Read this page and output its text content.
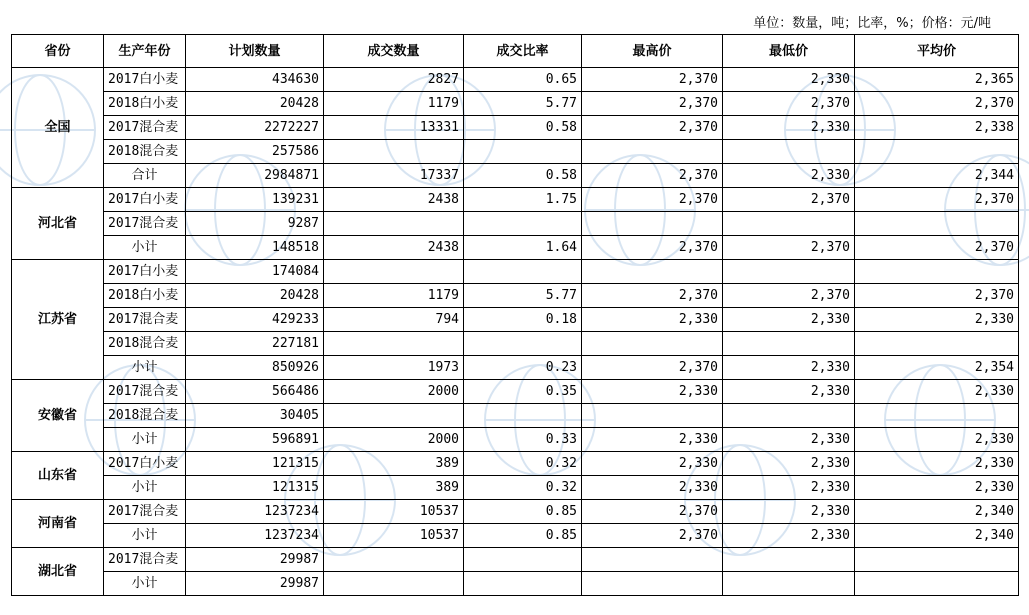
单位：数量，吨；比率，%；价格：元/吨
省份	生产年份	计划数量	成交数量	成交比率	最高价	最低价	平均价
全国	2017白小麦	434630	2827	0.65	2,370	2,330	2,365
	2018白小麦	20428	1179	5.77	2,370	2,370	2,370
	2017混合麦	2272227	13331	0.58	2,370	2,330	2,338
	2018混合麦	257586					
	合计	2984871	17337	0.58	2,370	2,330	2,344
河北省	2017白小麦	139231	2438	1.75	2,370	2,370	2,370
	2017混合麦	9287					
	小计	148518	2438	1.64	2,370	2,370	2,370
江苏省	2017白小麦	174084					
	2018白小麦	20428	1179	5.77	2,370	2,370	2,370
	2017混合麦	429233	794	0.18	2,330	2,330	2,330
	2018混合麦	227181					
	小计	850926	1973	0.23	2,370	2,330	2,354
安徽省	2017混合麦	566486	2000	0.35	2,330	2,330	2,330
	2018混合麦	30405					
	小计	596891	2000	0.33	2,330	2,330	2,330
山东省	2017白小麦	121315	389	0.32	2,330	2,330	2,330
	小计	121315	389	0.32	2,330	2,330	2,330
河南省	2017混合麦	1237234	10537	0.85	2,370	2,330	2,340
	小计	1237234	10537	0.85	2,370	2,330	2,340
湖北省	2017混合麦	29987					
	小计	29987					
